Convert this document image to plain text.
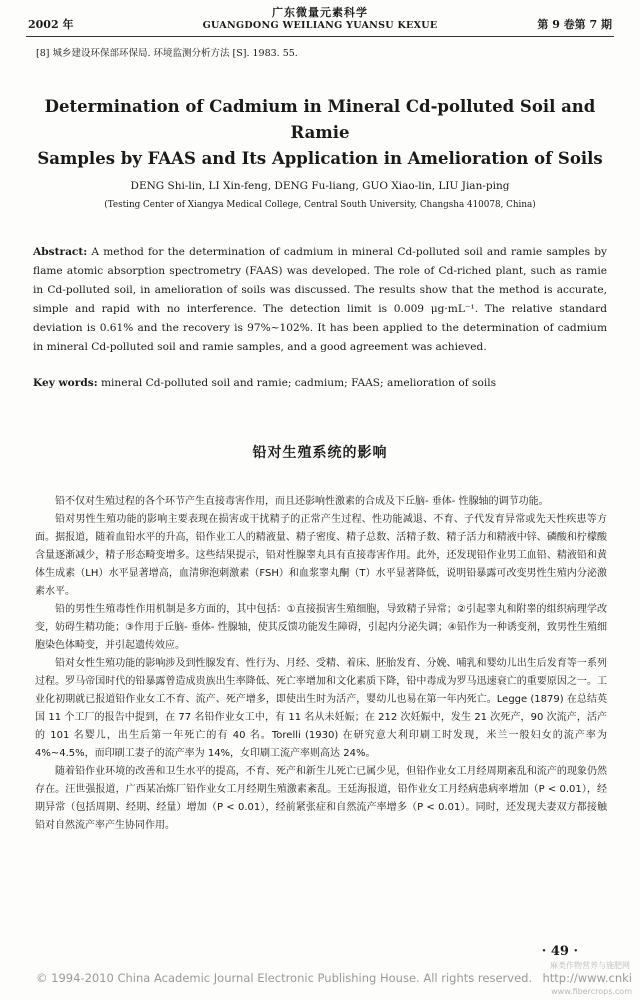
2002 年
广东微量元素科学
GUANGDONG WEILIANG YUANSU KEXUE	第 9 卷第 7 期
[8] 城乡建设环保部环保局. 环境监测分析方法 [S]. 1983. 55.
Determination of Cadmium in Mineral Cd-polluted Soil and Ramie
Samples by FAAS and Its Application in Amelioration of Soils
DENG Shi-lin, LI Xin-feng, DENG Fu-liang, GUO Xiao-lin, LIU Jian-ping
(Testing Center of Xiangya Medical College, Central South University, Changsha 410078, China)
Abstract: A method for the determination of cadmium in mineral Cd-polluted soil and ramie samples by flame atomic absorption spectrometry (FAAS) was developed. The role of Cd-riched plant, such as ramie in Cd-polluted soil, in amelioration of soils was discussed. The results show that the method is accurate, simple and rapid with no interference. The detection limit is 0.009 μg·mL⁻¹. The relative standard deviation is 0.61% and the recovery is 97%~102%. It has been applied to the determination of cadmium in mineral Cd-polluted soil and ramie samples, and a good agreement was achieved.
Key words: mineral Cd-polluted soil and ramie; cadmium; FAAS; amelioration of soils
铅对生殖系统的影响

铅不仅对生殖过程的各个环节产生直接毒害作用，而且还影响性激素的合成及下丘脑- 垂体- 性腺轴的调节功能。

铅对男性生殖功能的影响主要表现在损害或干扰精子的正常产生过程、性功能减退、不育、子代发育异常或先天性疾患等方面。据报道，随着血铅水平的升高，铅作业工人的精液量、精子密度、精子总数、活精子数、精子活力和精液中锌、磷酸和柠檬酸含量逐渐减少，精子形态畸变增多。这些结果提示，铅对性腺睾丸具有直接毒害作用。此外，还发现铅作业男工血铅、精液铅和黄体生成素（LH）水平显著增高，血清卵泡刺激素（FSH）和血浆睾丸酮（T）水平显著降低，说明铅暴露可改变男性生殖内分泌激素水平。

铅的男性生殖毒性作用机制是多方面的，其中包括：①直接损害生殖细胞，导致精子异常；②引起睾丸和附睾的组织病理学改变，妨碍生精功能；③作用于丘脑- 垂体- 性腺轴，使其反馈功能发生障碍，引起内分泌失调；④铅作为一种诱变剂，致男性生殖细胞染色体畸变，并引起遗传效应。

铅对女性生殖功能的影响涉及到性腺发育、性行为、月经、受精、着床、胚胎发育、分娩、哺乳和婴幼儿出生后发育等一系列过程。罗马帝国时代的铅暴露曾造成贵族出生率降低、死亡率增加和文化素质下降，铅中毒成为罗马迅速衰亡的重要原因之一。工业化初期就已报道铅作业女工不育、流产、死产增多，即使出生时为活产，婴幼儿也易在第一年内死亡。Legge (1879) 在总结英国 11 个工厂的报告中提到，在 77 名铅作业女工中，有 11 名从未妊娠；在 212 次妊娠中，发生 21 次死产，90 次流产，活产的 101 名婴儿，出生后第一年死亡的有 40 名。Torelli (1930) 在研究意大利印刷工时发现，米兰一般妇女的流产率为 4%~4.5%，而印刷工妻子的流产率为 14%，女印刷工流产率则高达 24%。

随着铅作业环境的改善和卫生水平的提高，不育、死产和新生儿死亡已属少见，但铅作业女工月经周期紊乱和流产的现象仍然存在。汪世强报道，广西某冶炼厂铅作业女工月经期生殖激素紊乱。王廷海报道，铅作业女工月经病患病率增加（P < 0.01），经期异常（包括周期、经期、经量）增加（P < 0.01），经前紧张症和自然流产率增多（P < 0.01）。同时，还发现夫妻双方都接触铅对自然流产率产生协同作用。

· 49 ·
© 1994-2010 China Academic Journal Electronic Publishing House. All rights reserved.
麻类作物营养与施肥网
http://www.cnki
www.fibercrops.com
